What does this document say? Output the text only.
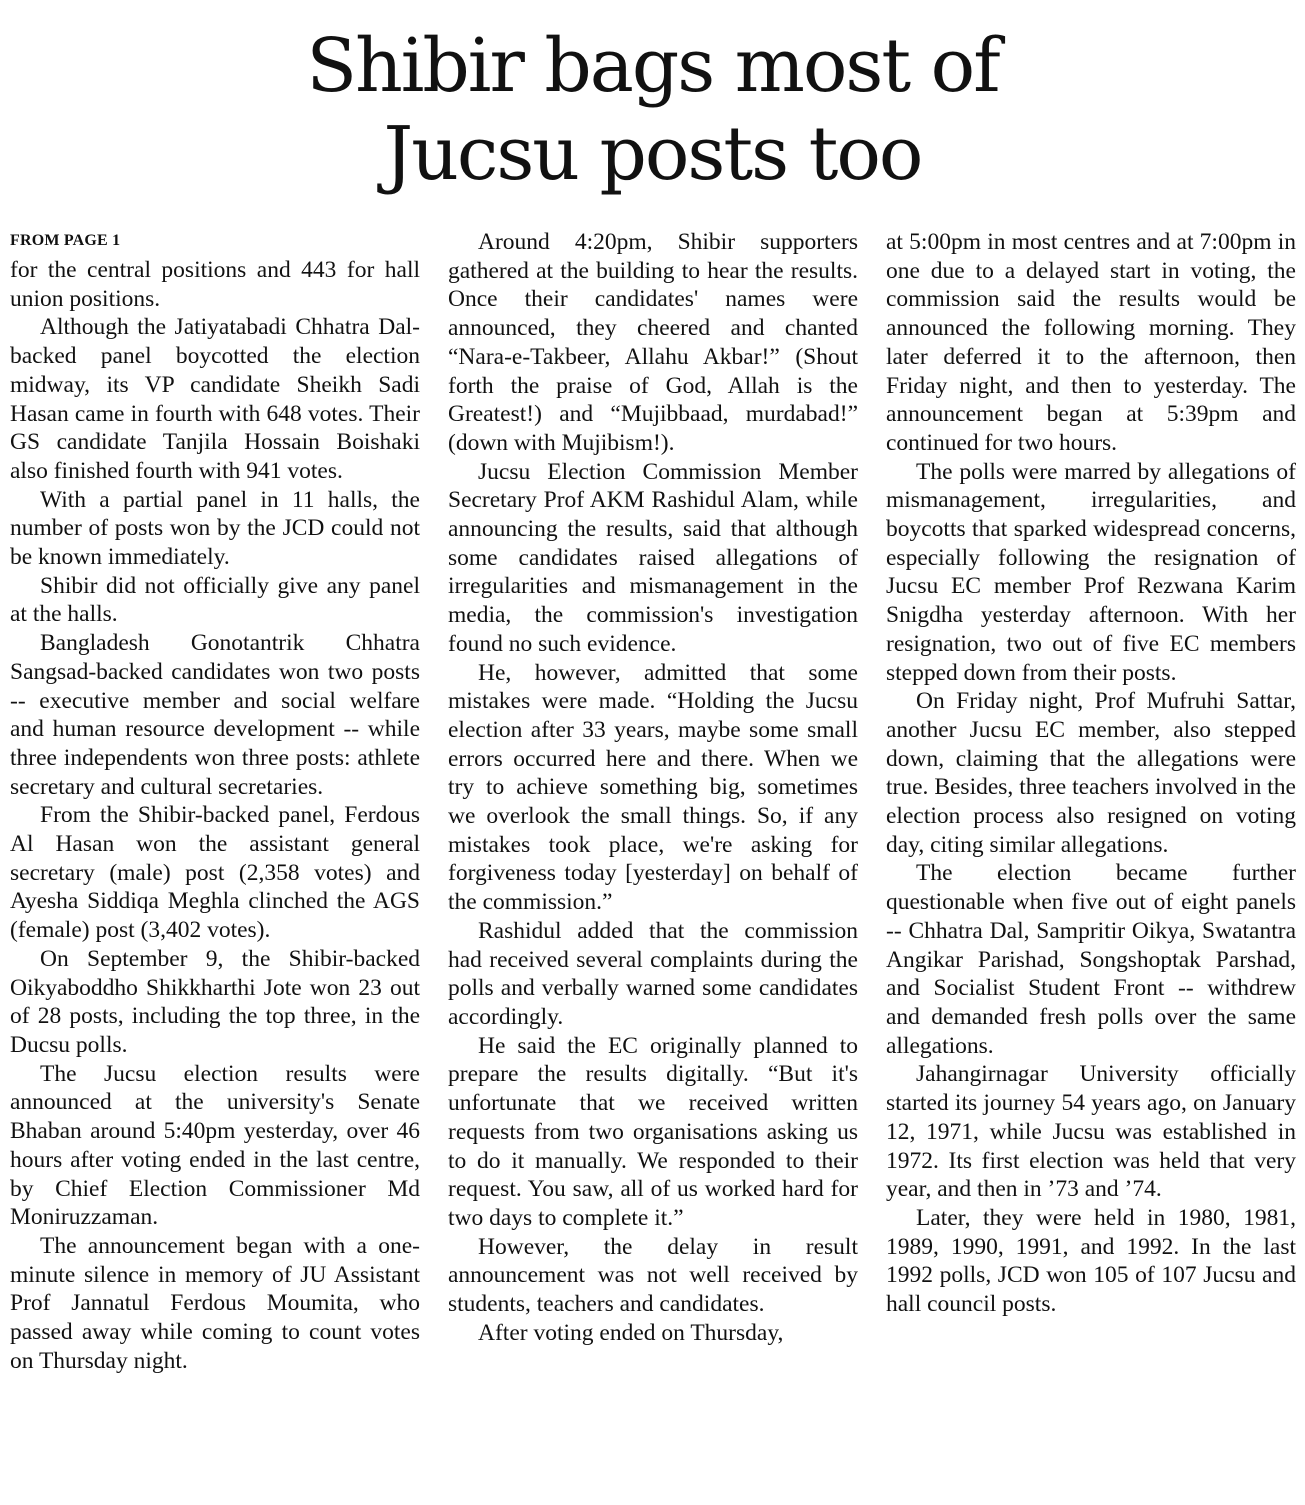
Shibir bags most of
Jucsu posts too
FROM PAGE 1

for the central positions and 443 for hall union positions.

Although the Jatiyatabadi Chhatra Dal-backed panel boycotted the election midway, its VP candidate Sheikh Sadi Hasan came in fourth with 648 votes. Their GS candidate Tanjila Hossain Boishaki also finished fourth with 941 votes.

With a partial panel in 11 halls, the number of posts won by the JCD could not be known immediately.

Shibir did not officially give any panel at the halls.

Bangladesh Gonotantrik Chhatra Sangsad-backed candidates won two posts -- executive member and social welfare and human resource development -- while three independents won three posts: athlete secretary and cultural secretaries.

From the Shibir-backed panel, Ferdous Al Hasan won the assistant general secretary (male) post (2,358 votes) and Ayesha Siddiqa Meghla clinched the AGS (female) post (3,402 votes).

On September 9, the Shibir-backed Oikyaboddho Shikkharthi Jote won 23 out of 28 posts, including the top three, in the Ducsu polls.

The Jucsu election results were announced at the university's Senate Bhaban around 5:40pm yesterday, over 46 hours after voting ended in the last centre, by Chief Election Commissioner Md Moniruzzaman.

The announcement began with a one-minute silence in memory of JU Assistant Prof Jannatul Ferdous Moumita, who passed away while coming to count votes on Thursday night.

Around 4:20pm, Shibir supporters gathered at the building to hear the results. Once their candidates' names were announced, they cheered and chanted “Nara-e-Takbeer, Allahu Akbar!” (Shout forth the praise of God, Allah is the Greatest!) and “Mujibbaad, murdabad!” (down with Mujibism!).

Jucsu Election Commission Member Secretary Prof AKM Rashidul Alam, while announcing the results, said that although some candidates raised allegations of irregularities and mismanagement in the media, the commission's investigation found no such evidence.

He, however, admitted that some mistakes were made. “Holding the Jucsu election after 33 years, maybe some small errors occurred here and there. When we try to achieve something big, sometimes we overlook the small things. So, if any mistakes took place, we're asking for forgiveness today [yesterday] on behalf of the commission.”

Rashidul added that the commission had received several complaints during the polls and verbally warned some candidates accordingly.

He said the EC originally planned to prepare the results digitally. “But it's unfortunate that we received written requests from two organisations asking us to do it manually. We responded to their request. You saw, all of us worked hard for two days to complete it.”

However, the delay in result announcement was not well received by students, teachers and candidates.

After voting ended on Thursday,

at 5:00pm in most centres and at 7:00pm in one due to a delayed start in voting, the commission said the results would be announced the following morning. They later deferred it to the afternoon, then Friday night, and then to yesterday. The announcement began at 5:39pm and continued for two hours.

The polls were marred by allegations of mismanagement, irregularities, and boycotts that sparked widespread concerns, especially following the resignation of Jucsu EC member Prof Rezwana Karim Snigdha yesterday afternoon. With her resignation, two out of five EC members stepped down from their posts.

On Friday night, Prof Mufruhi Sattar, another Jucsu EC member, also stepped down, claiming that the allegations were true. Besides, three teachers involved in the election process also resigned on voting day, citing similar allegations.

The election became further questionable when five out of eight panels -- Chhatra Dal, Sampritir Oikya, Swatantra Angikar Parishad, Songshoptak Parshad, and Socialist Student Front -- withdrew and demanded fresh polls over the same allegations.

Jahangirnagar University officially started its journey 54 years ago, on January 12, 1971, while Jucsu was established in 1972. Its first election was held that very year, and then in ’73 and ’74.

Later, they were held in 1980, 1981, 1989, 1990, 1991, and 1992. In the last 1992 polls, JCD won 105 of 107 Jucsu and hall council posts.
